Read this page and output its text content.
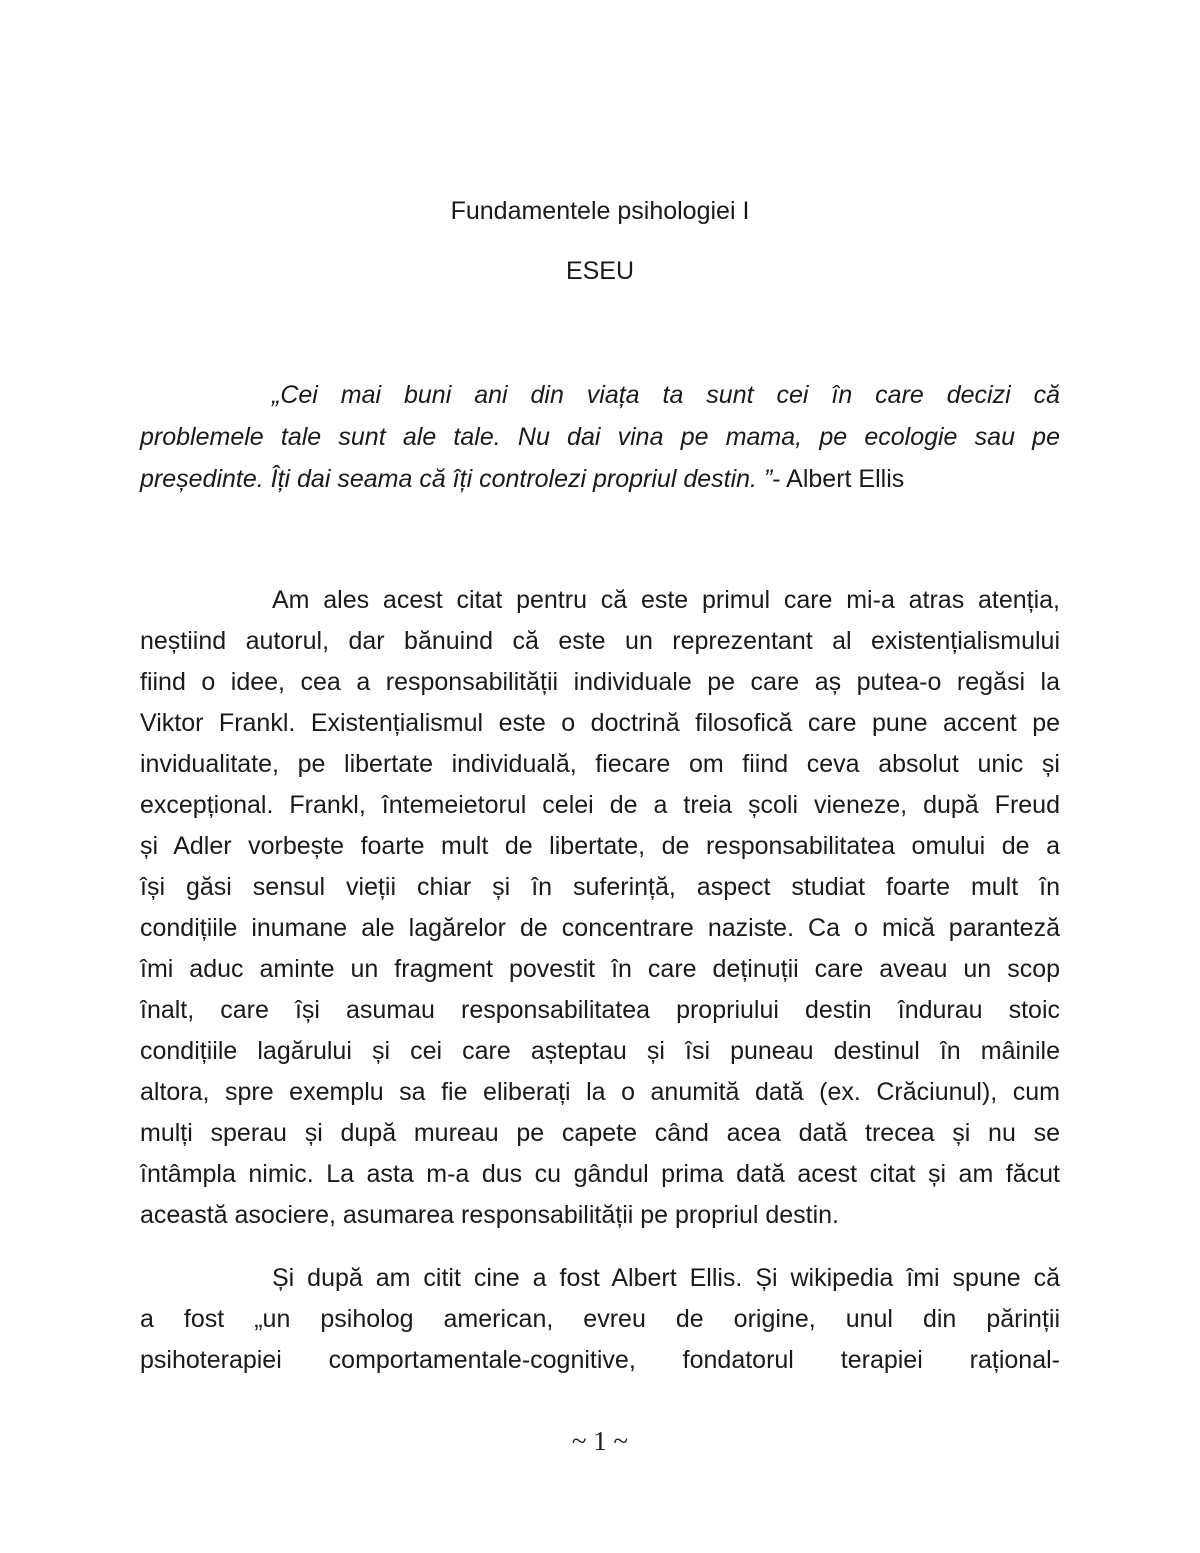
Fundamentele psihologiei I
ESEU
„Cei mai buni ani din viața ta sunt cei în care decizi că
problemele tale sunt ale tale. Nu dai vina pe mama, pe ecologie sau pe
președinte. Îți dai seama că îți controlezi propriul destin. ”- Albert Ellis
Am ales acest citat pentru că este primul care mi-a atras atenția,
neștiind autorul, dar bănuind că este un reprezentant al existențialismului
fiind o idee, cea a responsabilității individuale pe care aș putea-o regăsi la
Viktor Frankl. Existențialismul este o doctrină filosofică care pune accent pe
invidualitate, pe libertate individuală, fiecare om fiind ceva absolut unic și
excepțional. Frankl, întemeietorul celei de a treia școli vieneze, după Freud
și Adler vorbește foarte mult de libertate, de responsabilitatea omului de a
își găsi sensul vieții chiar și în suferință, aspect studiat foarte mult în
condițiile inumane ale lagărelor de concentrare naziste. Ca o mică paranteză
îmi aduc aminte un fragment povestit în care deținuții care aveau un scop
înalt, care își asumau responsabilitatea propriului destin îndurau stoic
condițiile lagărului și cei care așteptau și îsi puneau destinul în mâinile
altora, spre exemplu sa fie eliberați la o anumită dată (ex. Crăciunul), cum
mulți sperau și după mureau pe capete când acea dată trecea și nu se
întâmpla nimic. La asta m-a dus cu gândul prima dată acest citat și am făcut
această asociere, asumarea responsabilității pe propriul destin.
Și după am citit cine a fost Albert Ellis. Și wikipedia îmi spune că
a fost „un psiholog american, evreu de origine, unul din părinții
psihoterapiei comportamentale-cognitive, fondatorul terapiei rațional-
~ 1 ~
